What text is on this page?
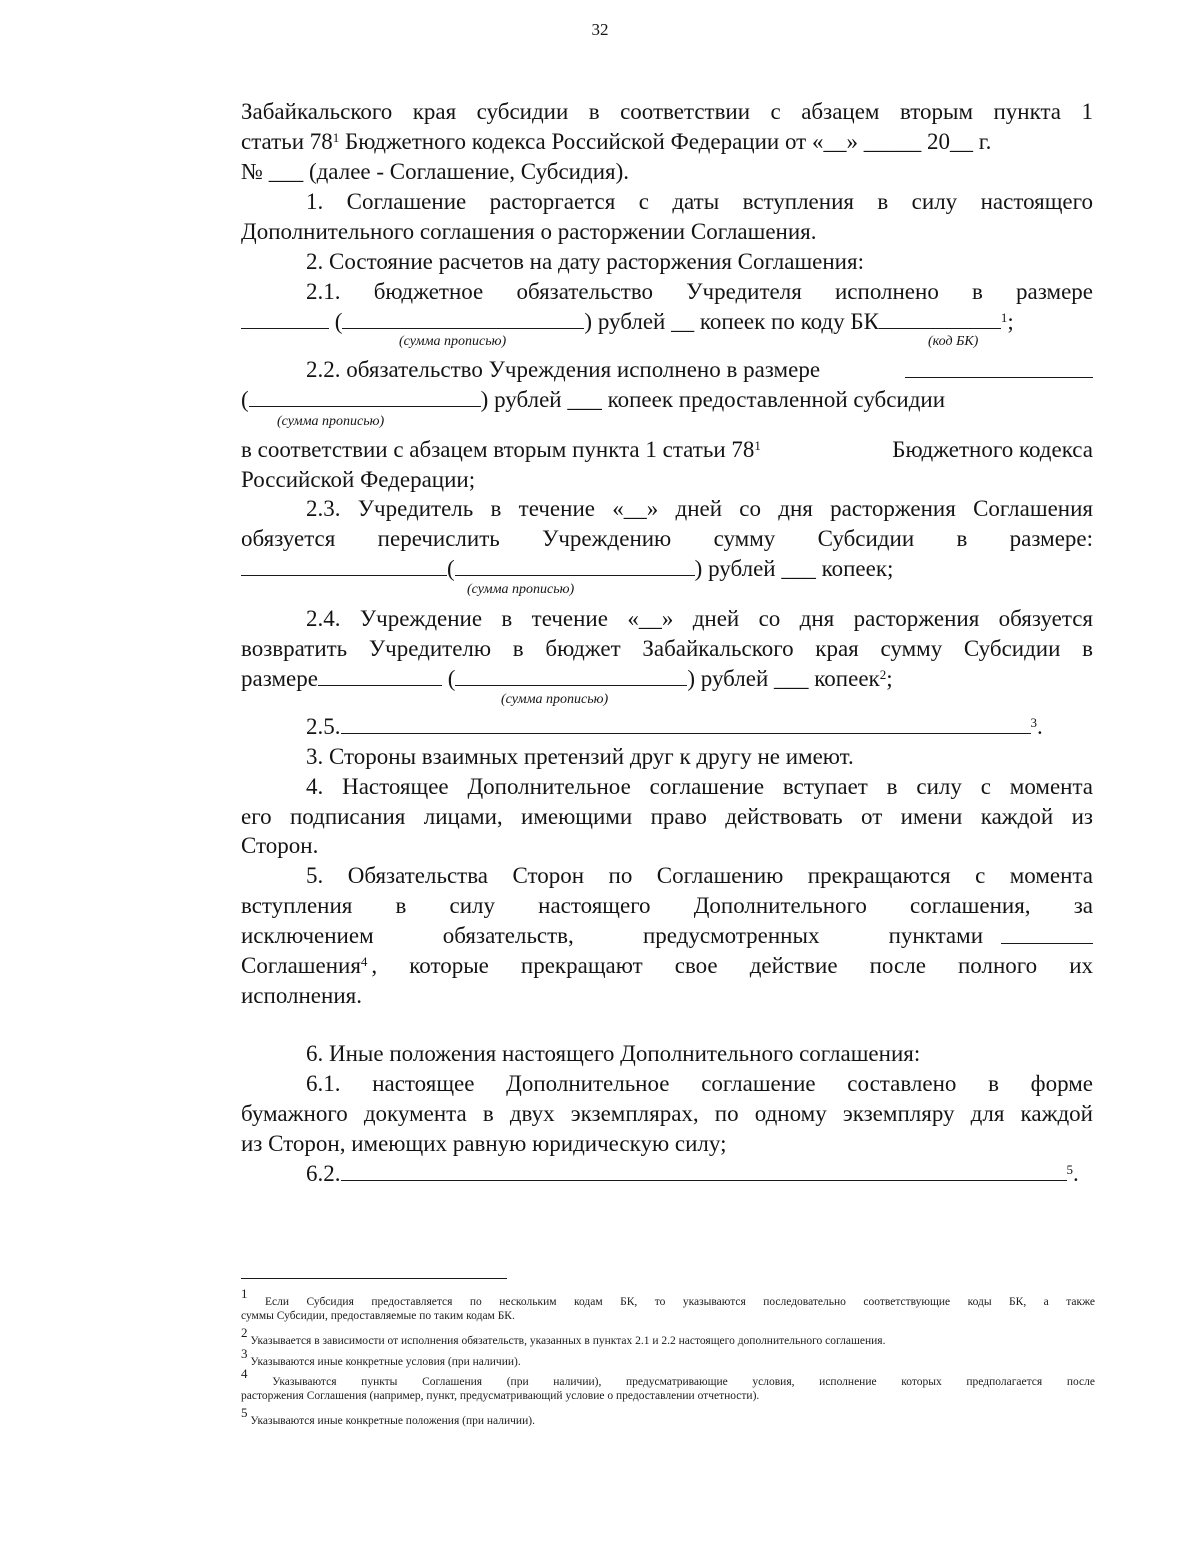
32
Забайкальского края субсидии в соответствии с абзацем вторым пункта 1
статьи $78^1$ Бюджетного кодекса Российской Федерации от «__» _____ 20__ г.
№ ___ (далее - Соглашение, Субсидия).
1. Соглашение расторгается с даты вступления в силу настоящего
Дополнительного соглашения о расторжении Соглашения.
2. Состояние расчетов на дату расторжения Соглашения:
2.1. бюджетное обязательство Учредителя исполнено в размере
(	) рублей __ копеек по коду БК	$^1$;
(сумма прописью)	(код БК)
2.2. обязательство Учреждения исполнено в размере
(	) рублей ___ копеек предоставленной субсидии
(сумма прописью)
в соответствии с абзацем вторым пункта 1 статьи $78^1$	Бюджетного кодекса
Российской Федерации;
2.3. Учредитель в течение «__» дней со дня расторжения Соглашения
обязуется перечислить Учреждению сумму Субсидии в размере:
(	) рублей ___ копеек;
(сумма прописью)
2.4. Учреждение в течение «__» дней со дня расторжения обязуется
возвратить Учредителю в бюджет Забайкальского края сумму Субсидии в
размере	(	) рублей ___ копеек$^2$;
(сумма прописью)
2.5.	$^3$.
3. Стороны взаимных претензий друг к другу не имеют.
4. Настоящее Дополнительное соглашение вступает в силу с момента
его подписания лицами, имеющими право действовать от имени каждой из
Сторон.
5. Обязательства Сторон по Соглашению прекращаются с момента
вступления в силу настоящего Дополнительного соглашения, за
исключением обязательств, предусмотренных пунктами
Соглашения$^4$ , которые прекращают свое действие после полного их
исполнения.
6. Иные положения настоящего Дополнительного соглашения:
6.1. настоящее Дополнительное соглашение составлено в форме
бумажного документа в двух экземплярах, по одному экземпляру для каждой
из Сторон, имеющих равную юридическую силу;
6.2.	$^5$.
$^1$ Если Субсидия предоставляется по нескольким кодам БК, то указываются последовательно соответствующие коды БК, а также
суммы Субсидии, предоставляемые по таким кодам БК.
$^2$ Указывается в зависимости от исполнения обязательств, указанных в пунктах 2.1 и 2.2 настоящего дополнительного соглашения.
$^3$ Указываются иные конкретные условия (при наличии).
$^4$ Указываются пункты Соглашения (при наличии), предусматривающие условия, исполнение которых предполагается после
расторжения Соглашения (например, пункт, предусматривающий условие о предоставлении отчетности).
$^5$ Указываются иные конкретные положения (при наличии).
